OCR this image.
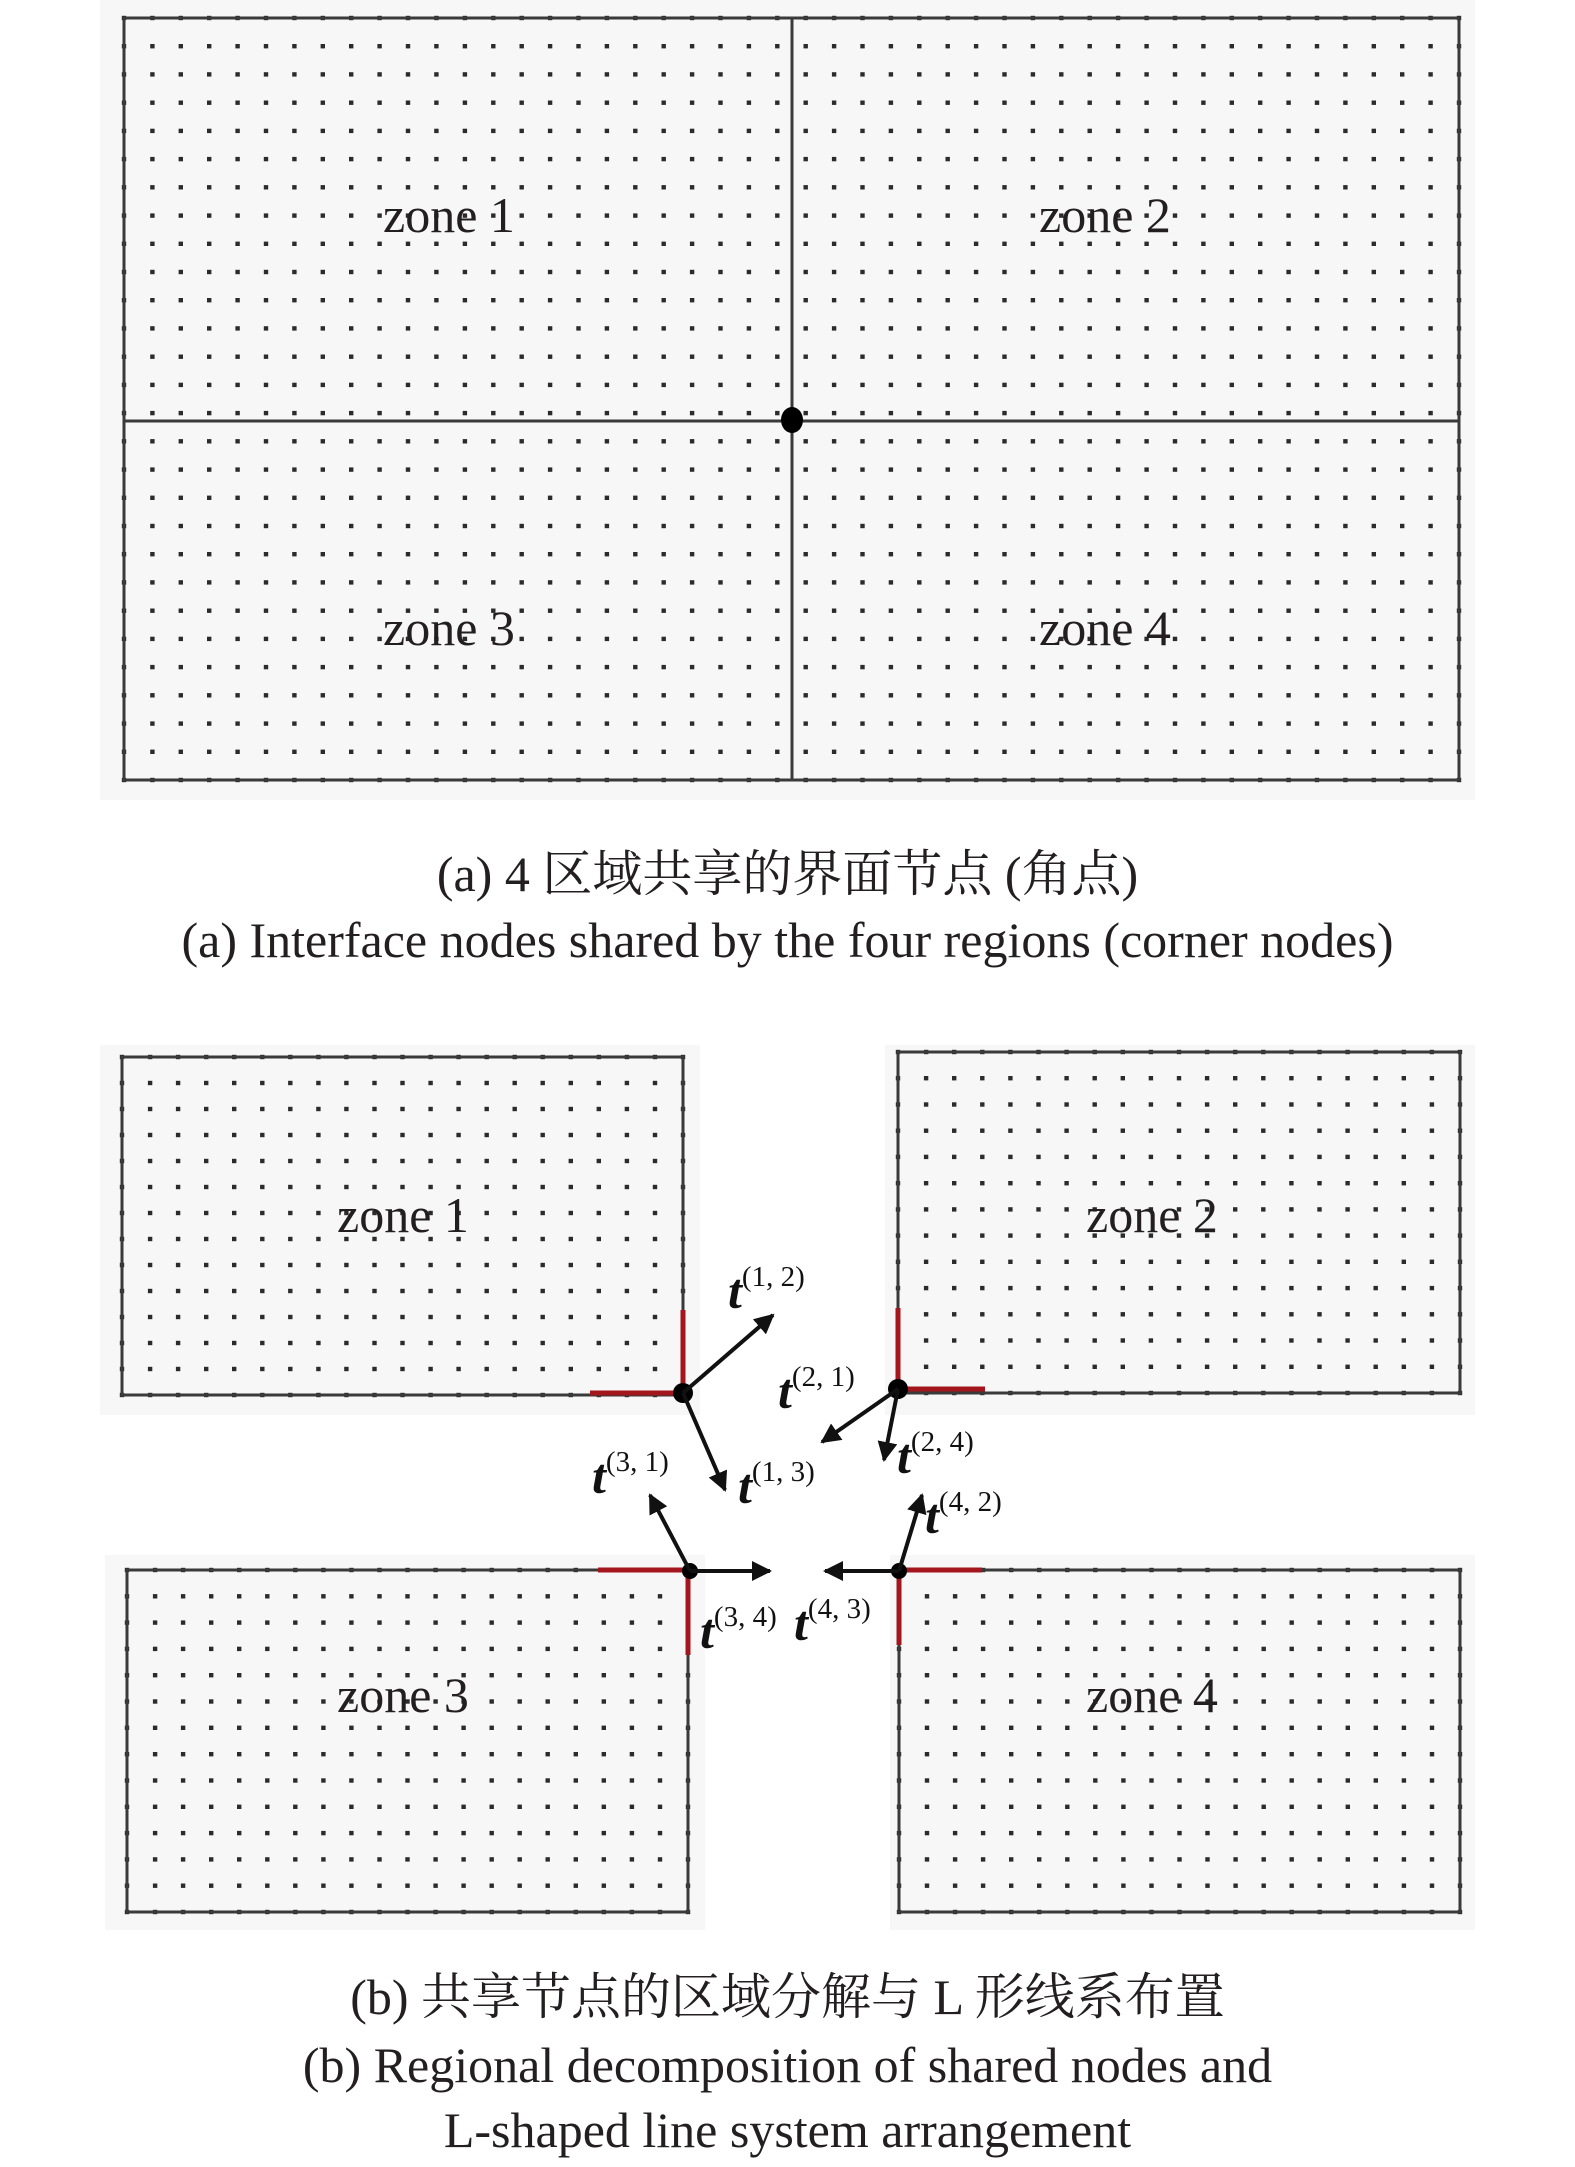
zone 1	zone 2
zone 3	zone 4
t(1, 2)
t(2, 1)
t(2, 4)
t(3, 1) t(1, 3)
t(4, 2)
t(3, 4) t(4, 3)
zone 1	zone 2
zone 3	zone 4
(a) 4 区域共享的界面节点 (角点)
(a) Interface nodes shared by the four regions (corner nodes)
(b) 共享节点的区域分解与 L 形线系布置
(b) Regional decomposition of shared nodes and
L-shaped line system arrangement
